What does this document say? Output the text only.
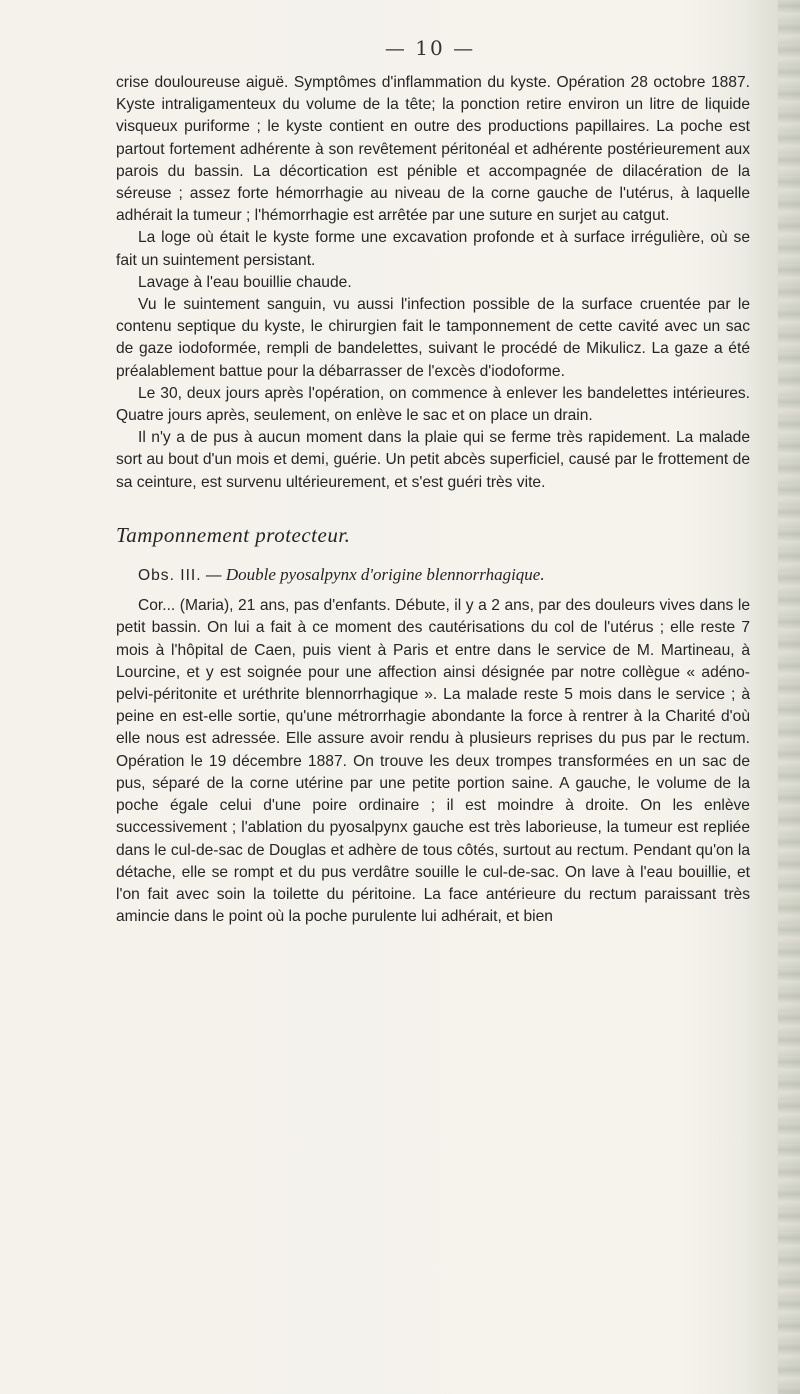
— 10 —

crise douloureuse aiguë. Symptômes d'inflammation du kyste. Opération 28 octobre 1887. Kyste intraligamenteux du volume de la tête; la ponction retire environ un litre de liquide visqueux puriforme ; le kyste contient en outre des productions papillaires. La poche est partout fortement adhérente à son revêtement péritonéal et adhérente postérieurement aux parois du bassin. La décortication est pénible et accompagnée de dilacération de la séreuse ; assez forte hémorrhagie au niveau de la corne gauche de l'utérus, à laquelle adhérait la tumeur ; l'hémorrhagie est arrêtée par une suture en surjet au catgut.

La loge où était le kyste forme une excavation profonde et à surface irrégulière, où se fait un suintement persistant.

Lavage à l'eau bouillie chaude.

Vu le suintement sanguin, vu aussi l'infection possible de la surface cruentée par le contenu septique du kyste, le chirurgien fait le tamponnement de cette cavité avec un sac de gaze iodoformée, rempli de bandelettes, suivant le procédé de Mikulicz. La gaze a été préalablement battue pour la débarrasser de l'excès d'iodoforme.

Le 30, deux jours après l'opération, on commence à enlever les bandelettes intérieures. Quatre jours après, seulement, on enlève le sac et on place un drain.

Il n'y a de pus à aucun moment dans la plaie qui se ferme très rapidement. La malade sort au bout d'un mois et demi, guérie. Un petit abcès superficiel, causé par le frottement de sa ceinture, est survenu ultérieurement, et s'est guéri très vite.

Tamponnement protecteur.

Obs. III. — Double pyosalpynx d'origine blennorrhagique.

Cor... (Maria), 21 ans, pas d'enfants. Débute, il y a 2 ans, par des douleurs vives dans le petit bassin. On lui a fait à ce moment des cautérisations du col de l'utérus ; elle reste 7 mois à l'hôpital de Caen, puis vient à Paris et entre dans le service de M. Martineau, à Lourcine, et y est soignée pour une affection ainsi désignée par notre collègue « adéno-pelvi-péritonite et uréthrite blennorrhagique ». La malade reste 5 mois dans le service ; à peine en est-elle sortie, qu'une métrorrhagie abondante la force à rentrer à la Charité d'où elle nous est adressée. Elle assure avoir rendu à plusieurs reprises du pus par le rectum. Opération le 19 décembre 1887. On trouve les deux trompes transformées en un sac de pus, séparé de la corne utérine par une petite portion saine. A gauche, le volume de la poche égale celui d'une poire ordinaire ; il est moindre à droite. On les enlève successivement ; l'ablation du pyosalpynx gauche est très laborieuse, la tumeur est repliée dans le cul-de-sac de Douglas et adhère de tous côtés, surtout au rectum. Pendant qu'on la détache, elle se rompt et du pus verdâtre souille le cul-de-sac. On lave à l'eau bouillie, et l'on fait avec soin la toilette du péritoine. La face antérieure du rectum paraissant très amincie dans le point où la poche purulente lui adhérait, et bien
